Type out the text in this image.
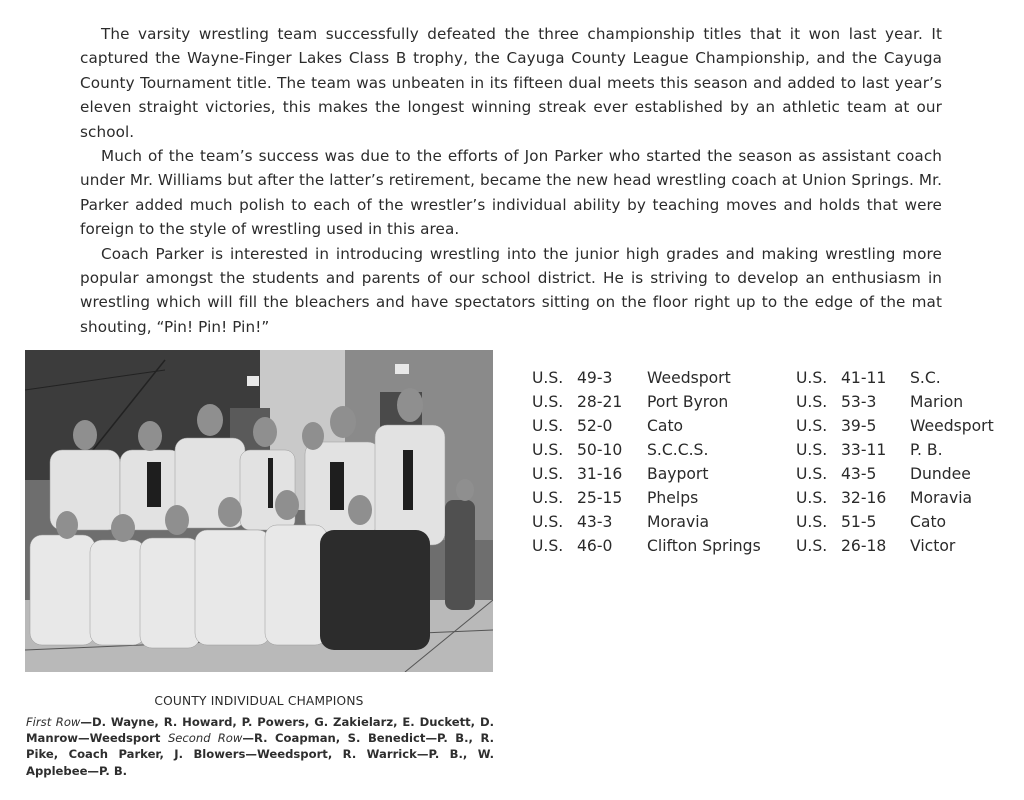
The varsity wrestling team successfully defeated the three championship titles that it won last year. It captured the Wayne-Finger Lakes Class B trophy, the Cayuga County League Championship, and the Cayuga County Tournament title. The team was unbeaten in its fifteen dual meets this season and added to last year’s eleven straight victories, this makes the longest winning streak ever established by an athletic team at our school.

Much of the team’s success was due to the efforts of Jon Parker who started the season as assistant coach under Mr. Williams but after the latter’s retirement, became the new head wrestling coach at Union Springs. Mr. Parker added much polish to each of the wrestler’s individual ability by teaching moves and holds that were foreign to the style of wrestling used in this area.

Coach Parker is interested in introducing wrestling into the junior high grades and making wrestling more popular amongst the students and parents of our school district. He is striving to develop an enthusiasm in wrestling which will fill the bleachers and have spectators sitting on the floor right up to the edge of the mat shouting, “Pin! Pin! Pin!”

U.S. 49-3	Weedsport
U.S. 28-21	Port Byron
U.S. 52-0	Cato
U.S. 50-10	S.C.C.S.
U.S. 31-16	Bayport
U.S. 25-15	Phelps
U.S. 43-3	Moravia
U.S. 46-0	Clifton Springs
U.S. 41-11	S.C.
U.S. 53-3	Marion
U.S. 39-5	Weedsport
U.S. 33-11	P. B.
U.S. 43-5	Dundee
U.S. 32-16	Moravia
U.S. 51-5	Cato
U.S. 26-18	Victor
COUNTY INDIVIDUAL CHAMPIONS
First Row—D. Wayne, R. Howard, P. Powers, G. Zakielarz, E. Duckett, D. Manrow—Weedsport Second Row—R. Coapman, S. Benedict—P. B., R. Pike, Coach Parker, J. Blowers—Weedsport, R. Warrick—P. B., W. Applebee—P. B.
